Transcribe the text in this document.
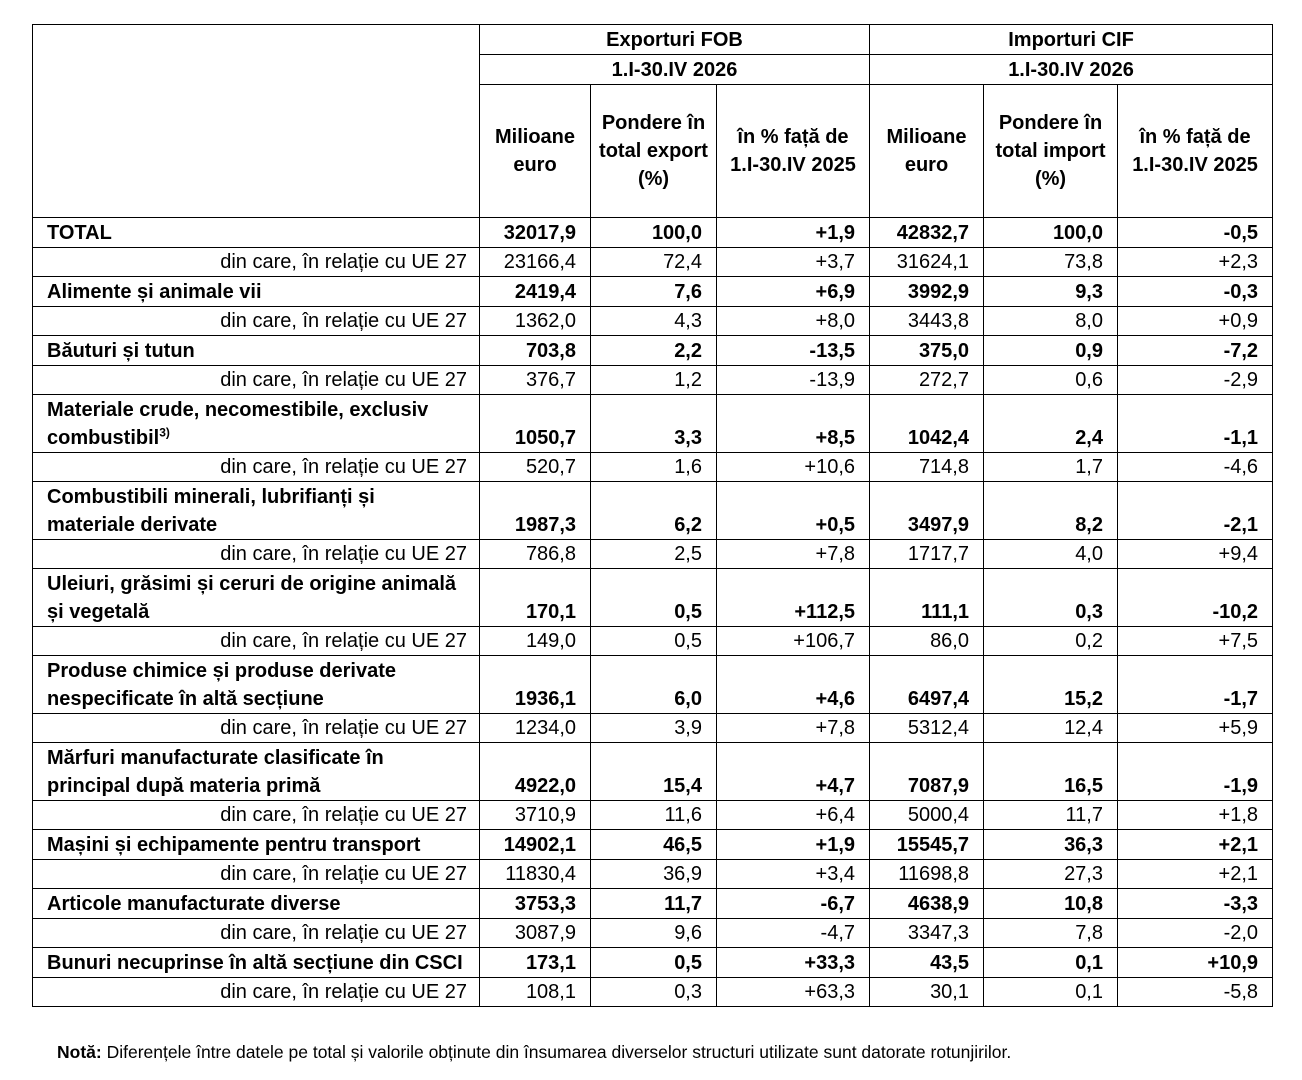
	Exporturi FOB			Importuri CIF		
	1.I-30.IV 2026			1.I-30.IV 2026		
	Milioane euro	Pondere în total export (%)	în % față de 1.I-30.IV 2025	Milioane euro	Pondere în total import (%)	în % față de 1.I-30.IV 2025
TOTAL	32017,9	100,0	+1,9	42832,7	100,0	-0,5
din care, în relație cu UE 27	23166,4	72,4	+3,7	31624,1	73,8	+2,3
Alimente și animale vii	2419,4	7,6	+6,9	3992,9	9,3	-0,3
din care, în relație cu UE 27	1362,0	4,3	+8,0	3443,8	8,0	+0,9
Băuturi și tutun	703,8	2,2	-13,5	375,0	0,9	-7,2
din care, în relație cu UE 27	376,7	1,2	-13,9	272,7	0,6	-2,9
Materiale crude, necomestibile, exclusiv
combustibil$^{3)}$	1050,7	3,3	+8,5	1042,4	2,4	-1,1
din care, în relație cu UE 27	520,7	1,6	+10,6	714,8	1,7	-4,6
Combustibili minerali, lubrifianți și
materiale derivate	1987,3	6,2	+0,5	3497,9	8,2	-2,1
din care, în relație cu UE 27	786,8	2,5	+7,8	1717,7	4,0	+9,4
Uleiuri, grăsimi și ceruri de origine animală
și vegetală	170,1	0,5	+112,5	111,1	0,3	-10,2
din care, în relație cu UE 27	149,0	0,5	+106,7	86,0	0,2	+7,5
Produse chimice și produse derivate
nespecificate în altă secțiune	1936,1	6,0	+4,6	6497,4	15,2	-1,7
din care, în relație cu UE 27	1234,0	3,9	+7,8	5312,4	12,4	+5,9
Mărfuri manufacturate clasificate în
principal după materia primă	4922,0	15,4	+4,7	7087,9	16,5	-1,9
din care, în relație cu UE 27	3710,9	11,6	+6,4	5000,4	11,7	+1,8
Mașini și echipamente pentru transport	14902,1	46,5	+1,9	15545,7	36,3	+2,1
din care, în relație cu UE 27	11830,4	36,9	+3,4	11698,8	27,3	+2,1
Articole manufacturate diverse	3753,3	11,7	-6,7	4638,9	10,8	-3,3
din care, în relație cu UE 27	3087,9	9,6	-4,7	3347,3	7,8	-2,0
Bunuri necuprinse în altă secțiune din CSCI	173,1	0,5	+33,3	43,5	0,1	+10,9
din care, în relație cu UE 27	108,1	0,3	+63,3	30,1	0,1	-5,8
Notă: Diferențele între datele pe total și valorile obținute din însumarea diverselor structuri utilizate sunt datorate rotunjirilor.
